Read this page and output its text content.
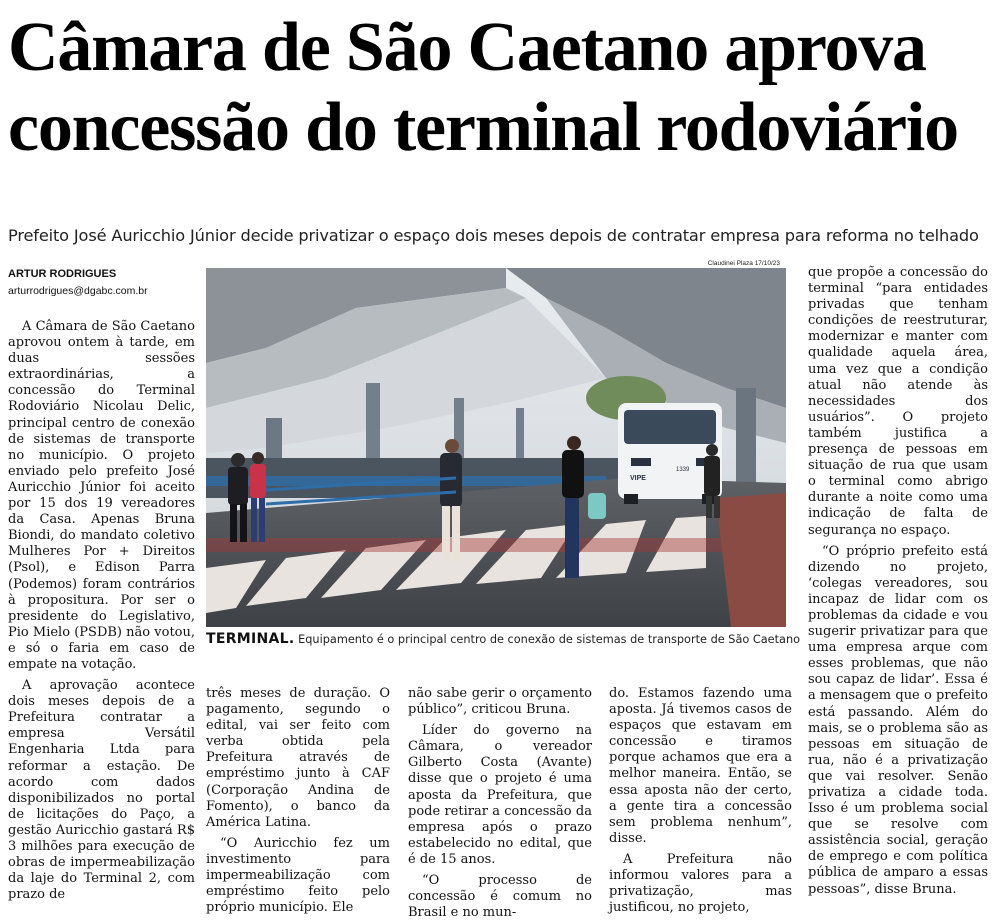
Câmara de São Caetano aprova concessão do terminal rodoviário

Prefeito José Auricchio Júnior decide privatizar o espaço dois meses depois de contratar empresa para reforma no telhado

ARTUR RODRIGUES
arturrodrigues@dgabc.com.br
Claudinei Plaza 17/10/23
VIPE
1339
TERMINAL. Equipamento é o principal centro de conexão de sistemas de transporte de São Caetano

A Câmara de São Caetano aprovou ontem à tarde, em duas sessões extraordinárias, a concessão do Terminal Rodoviário Nicolau Delic, principal centro de conexão de sistemas de transporte no município. O projeto enviado pelo prefeito José Auricchio Júnior foi aceito por 15 dos 19 vereadores da Casa. Apenas Bruna Biondi, do mandato coletivo Mulheres Por + Direitos (Psol), e Edison Parra (Podemos) foram contrários à propositura. Por ser o presidente do Legislativo, Pio Mielo (PSDB) não votou, e só o faria em caso de empate na votação.

A aprovação acontece dois meses depois de a Prefeitura contratar a empresa Versátil Engenharia Ltda para reformar a estação. De acordo com dados disponibilizados no portal de licitações do Paço, a gestão Auricchio gastará R$ 3 milhões para execução de obras de impermeabilização da laje do Terminal 2, com prazo de

três meses de duração. O pagamento, segundo o edital, vai ser feito com verba obtida pela Prefeitura através de empréstimo junto à CAF (Corporação Andina de Fomento), o banco da América Latina.

“O Auricchio fez um investimento para impermeabilização com empréstimo feito pelo próprio município. Ele

não sabe gerir o orçamento público”, criticou Bruna.

Líder do governo na Câmara, o vereador Gilberto Costa (Avante) disse que o projeto é uma aposta da Prefeitura, que pode retirar a concessão da empresa após o prazo estabelecido no edital, que é de 15 anos.

“O processo de concessão é comum no Brasil e no mun-

do. Estamos fazendo uma aposta. Já tivemos casos de espaços que estavam em concessão e tiramos porque achamos que era a melhor maneira. Então, se essa aposta não der certo, a gente tira a concessão sem problema nenhum”, disse.

A Prefeitura não informou valores para a privatização, mas justificou, no projeto,

que propõe a concessão do terminal “para entidades privadas que tenham condições de reestruturar, modernizar e manter com qualidade aquela área, uma vez que a condição atual não atende às necessidades dos usuários”. O projeto também justifica a presença de pessoas em situação de rua que usam o terminal como abrigo durante a noite como uma indicação de falta de segurança no espaço.

“O próprio prefeito está dizendo no projeto, ‘colegas vereadores, sou incapaz de lidar com os problemas da cidade e vou sugerir privatizar para que uma empresa arque com esses problemas, que não sou capaz de lidar’. Essa é a mensagem que o prefeito está passando. Além do mais, se o problema são as pessoas em situação de rua, não é a privatização que vai resolver. Senão privatiza a cidade toda. Isso é um problema social que se resolve com assistência social, geração de emprego e com política pública de amparo a essas pessoas”, disse Bruna.
